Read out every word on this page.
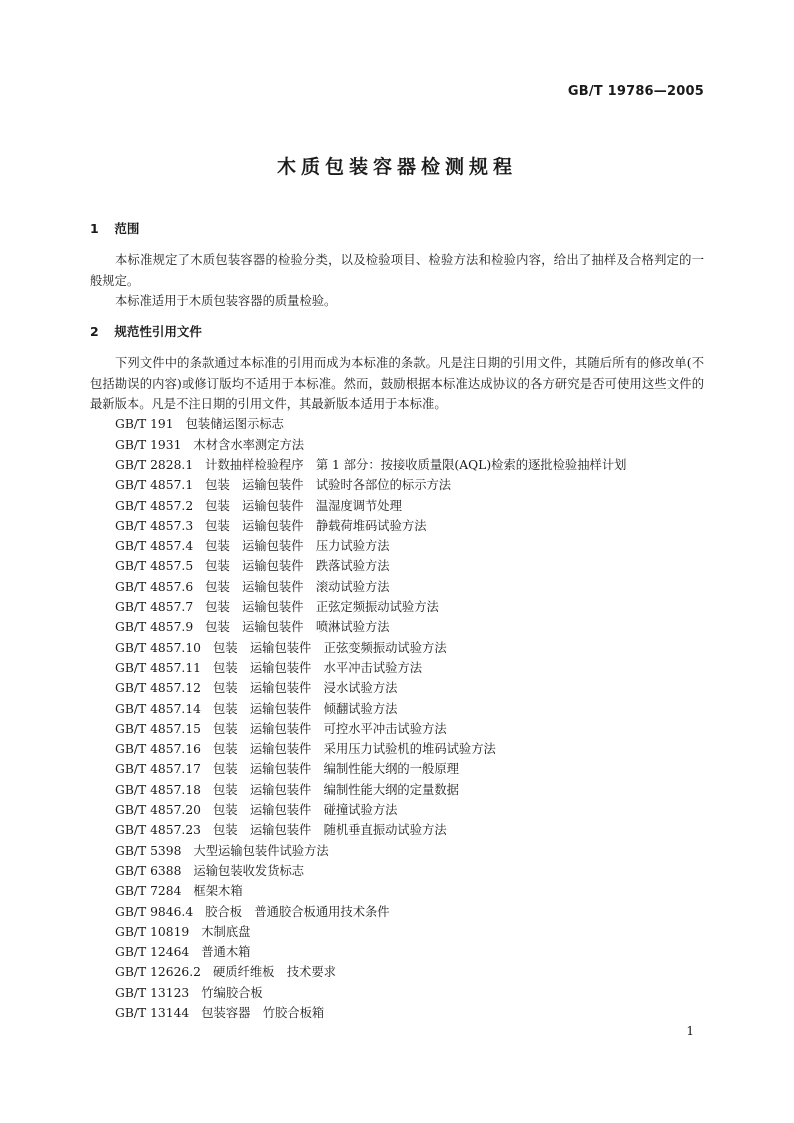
GB/T 19786—2005
木质包装容器检测规程
1 范围
本标准规定了木质包装容器的检验分类，以及检验项目、检验方法和检验内容，给出了抽样及合格判定的一般规定。
本标准适用于木质包装容器的质量检验。
2 规范性引用文件
下列文件中的条款通过本标准的引用而成为本标准的条款。凡是注日期的引用文件，其随后所有的修改单(不包括勘误的内容)或修订版均不适用于本标准。然而，鼓励根据本标准达成协议的各方研究是否可使用这些文件的最新版本。凡是不注日期的引用文件，其最新版本适用于本标准。
GB/T 191 包装储运图示标志
GB/T 1931 木材含水率测定方法
GB/T 2828.1 计数抽样检验程序　第 1 部分：按接收质量限(AQL)检索的逐批检验抽样计划
GB/T 4857.1 包装　运输包装件　试验时各部位的标示方法
GB/T 4857.2 包装　运输包装件　温湿度调节处理
GB/T 4857.3 包装　运输包装件　静载荷堆码试验方法
GB/T 4857.4 包装　运输包装件　压力试验方法
GB/T 4857.5 包装　运输包装件　跌落试验方法
GB/T 4857.6 包装　运输包装件　滚动试验方法
GB/T 4857.7 包装　运输包装件　正弦定频振动试验方法
GB/T 4857.9 包装　运输包装件　喷淋试验方法
GB/T 4857.10 包装　运输包装件　正弦变频振动试验方法
GB/T 4857.11 包装　运输包装件　水平冲击试验方法
GB/T 4857.12 包装　运输包装件　浸水试验方法
GB/T 4857.14 包装　运输包装件　倾翻试验方法
GB/T 4857.15 包装　运输包装件　可控水平冲击试验方法
GB/T 4857.16 包装　运输包装件　采用压力试验机的堆码试验方法
GB/T 4857.17 包装　运输包装件　编制性能大纲的一般原理
GB/T 4857.18 包装　运输包装件　编制性能大纲的定量数据
GB/T 4857.20 包装　运输包装件　碰撞试验方法
GB/T 4857.23 包装　运输包装件　随机垂直振动试验方法
GB/T 5398 大型运输包装件试验方法
GB/T 6388 运输包装收发货标志
GB/T 7284 框架木箱
GB/T 9846.4 胶合板　普通胶合板通用技术条件
GB/T 10819 木制底盘
GB/T 12464 普通木箱
GB/T 12626.2 硬质纤维板　技术要求
GB/T 13123 竹编胶合板
GB/T 13144 包装容器　竹胶合板箱
1
